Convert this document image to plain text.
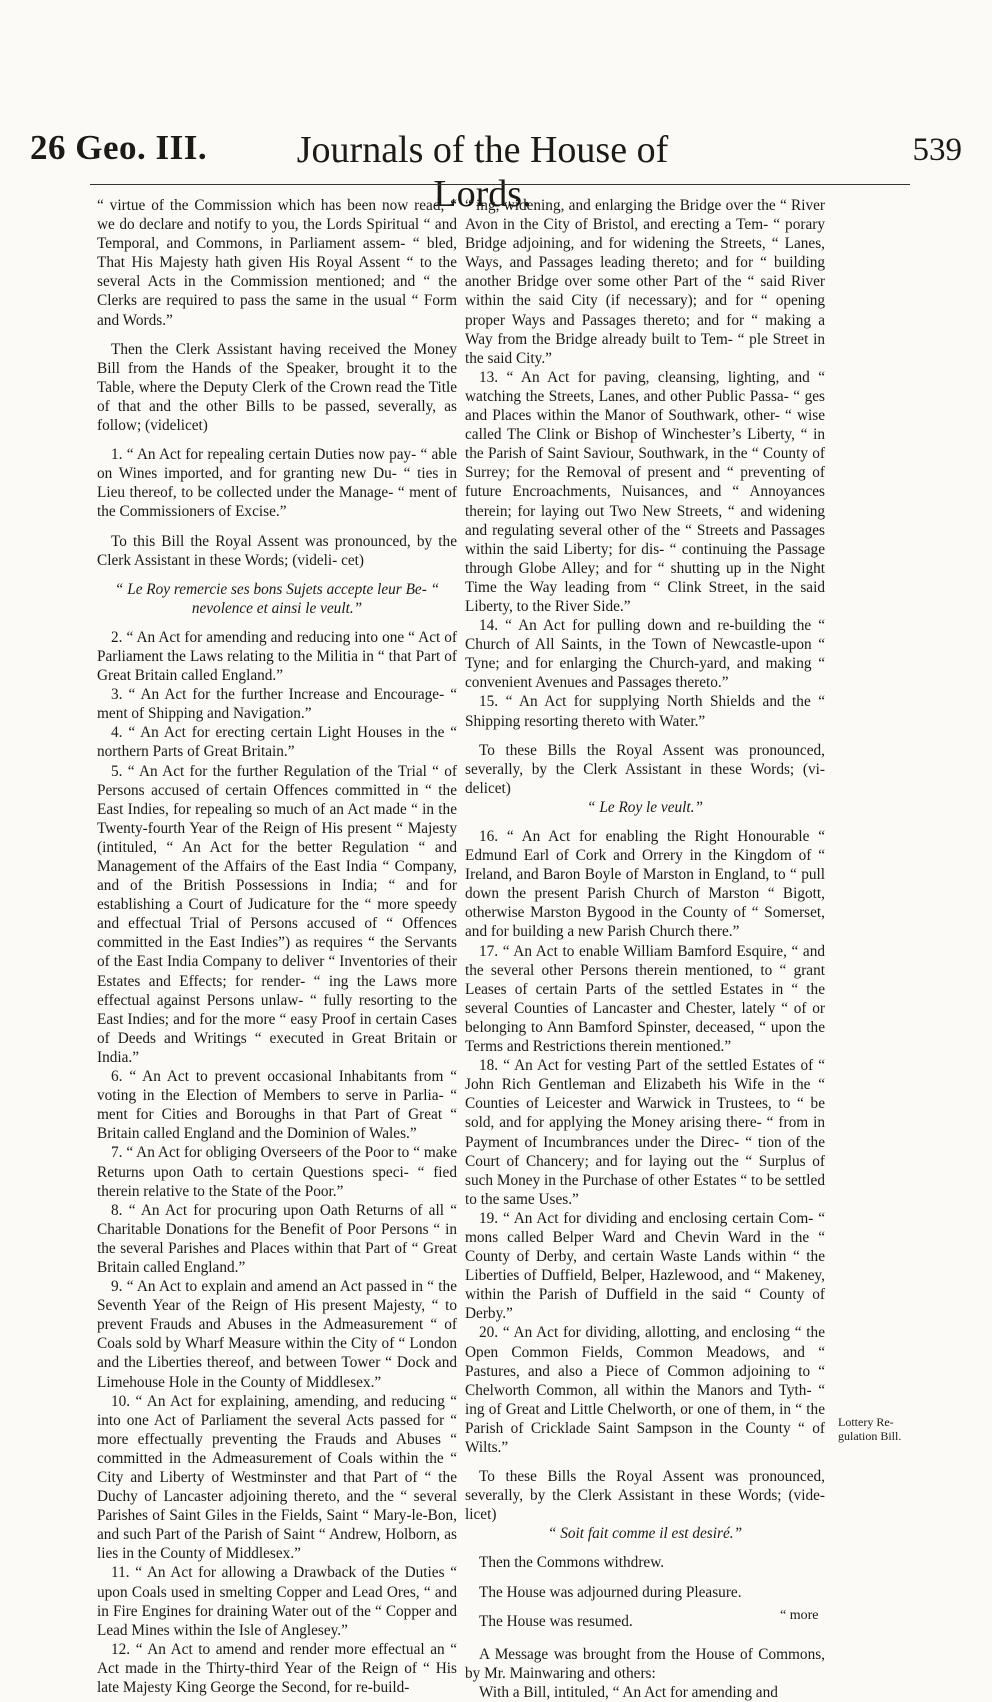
26 Geo. III.	Journals of the House of Lords.
539

“ virtue of the Commission which has been now read, “ we do declare and notify to you, the Lords Spiritual “ and Temporal, and Commons, in Parliament assem- “ bled, That His Majesty hath given His Royal Assent “ to the several Acts in the Commission mentioned; and “ the Clerks are required to pass the same in the usual “ Form and Words.”

Then the Clerk Assistant having received the Money Bill from the Hands of the Speaker, brought it to the Table, where the Deputy Clerk of the Crown read the Title of that and the other Bills to be passed, severally, as follow; (videlicet)

1. “ An Act for repealing certain Duties now pay- “ able on Wines imported, and for granting new Du- “ ties in Lieu thereof, to be collected under the Manage- “ ment of the Commissioners of Excise.”

To this Bill the Royal Assent was pronounced, by the Clerk Assistant in these Words; (videli- cet)

“ Le Roy remercie ses bons Sujets accepte leur Be- “ nevolence et ainsi le veult.”

2. “ An Act for amending and reducing into one “ Act of Parliament the Laws relating to the Militia in “ that Part of Great Britain called England.”

3. “ An Act for the further Increase and Encourage- “ ment of Shipping and Navigation.”

4. “ An Act for erecting certain Light Houses in the “ northern Parts of Great Britain.”

5. “ An Act for the further Regulation of the Trial “ of Persons accused of certain Offences committed in “ the East Indies, for repealing so much of an Act made “ in the Twenty-fourth Year of the Reign of His present “ Majesty (intituled, “ An Act for the better Regulation “ and Management of the Affairs of the East India “ Company, and of the British Possessions in India; “ and for establishing a Court of Judicature for the “ more speedy and effectual Trial of Persons accused of “ Offences committed in the East Indies”) as requires “ the Servants of the East India Company to deliver “ Inventories of their Estates and Effects; for render- “ ing the Laws more effectual against Persons unlaw- “ fully resorting to the East Indies; and for the more “ easy Proof in certain Cases of Deeds and Writings “ executed in Great Britain or India.”

6. “ An Act to prevent occasional Inhabitants from “ voting in the Election of Members to serve in Parlia- “ ment for Cities and Boroughs in that Part of Great “ Britain called England and the Dominion of Wales.”

7. “ An Act for obliging Overseers of the Poor to “ make Returns upon Oath to certain Questions speci- “ fied therein relative to the State of the Poor.”

8. “ An Act for procuring upon Oath Returns of all “ Charitable Donations for the Benefit of Poor Persons “ in the several Parishes and Places within that Part of “ Great Britain called England.”

9. “ An Act to explain and amend an Act passed in “ the Seventh Year of the Reign of His present Majesty, “ to prevent Frauds and Abuses in the Admeasurement “ of Coals sold by Wharf Measure within the City of “ London and the Liberties thereof, and between Tower “ Dock and Limehouse Hole in the County of Middlesex.”

10. “ An Act for explaining, amending, and reducing “ into one Act of Parliament the several Acts passed for “ more effectually preventing the Frauds and Abuses “ committed in the Admeasurement of Coals within the “ City and Liberty of Westminster and that Part of “ the Duchy of Lancaster adjoining thereto, and the “ several Parishes of Saint Giles in the Fields, Saint “ Mary-le-Bon, and such Part of the Parish of Saint “ Andrew, Holborn, as lies in the County of Middlesex.”

11. “ An Act for allowing a Drawback of the Duties “ upon Coals used in smelting Copper and Lead Ores, “ and in Fire Engines for draining Water out of the “ Copper and Lead Mines within the Isle of Anglesey.”

12. “ An Act to amend and render more effectual an “ Act made in the Thirty-third Year of the Reign of “ His late Majesty King George the Second, for re-build-

“ ing, widening, and enlarging the Bridge over the “ River Avon in the City of Bristol, and erecting a Tem- “ porary Bridge adjoining, and for widening the Streets, “ Lanes, Ways, and Passages leading thereto; and for “ building another Bridge over some other Part of the “ said River within the said City (if necessary); and for “ opening proper Ways and Passages thereto; and for “ making a Way from the Bridge already built to Tem- “ ple Street in the said City.”

13. “ An Act for paving, cleansing, lighting, and “ watching the Streets, Lanes, and other Public Passa- “ ges and Places within the Manor of Southwark, other- “ wise called The Clink or Bishop of Winchester’s Liberty, “ in the Parish of Saint Saviour, Southwark, in the “ County of Surrey; for the Removal of present and “ preventing of future Encroachments, Nuisances, and “ Annoyances therein; for laying out Two New Streets, “ and widening and regulating several other of the “ Streets and Passages within the said Liberty; for dis- “ continuing the Passage through Globe Alley; and for “ shutting up in the Night Time the Way leading from “ Clink Street, in the said Liberty, to the River Side.”

14. “ An Act for pulling down and re-building the “ Church of All Saints, in the Town of Newcastle-upon “ Tyne; and for enlarging the Church-yard, and making “ convenient Avenues and Passages thereto.”

15. “ An Act for supplying North Shields and the “ Shipping resorting thereto with Water.”

To these Bills the Royal Assent was pronounced, severally, by the Clerk Assistant in these Words; (vi- delicet)

“ Le Roy le veult.”

16. “ An Act for enabling the Right Honourable “ Edmund Earl of Cork and Orrery in the Kingdom of “ Ireland, and Baron Boyle of Marston in England, to “ pull down the present Parish Church of Marston “ Bigott, otherwise Marston Bygood in the County of “ Somerset, and for building a new Parish Church there.”

17. “ An Act to enable William Bamford Esquire, “ and the several other Persons therein mentioned, to “ grant Leases of certain Parts of the settled Estates in “ the several Counties of Lancaster and Chester, lately “ of or belonging to Ann Bamford Spinster, deceased, “ upon the Terms and Restrictions therein mentioned.”

18. “ An Act for vesting Part of the settled Estates of “ John Rich Gentleman and Elizabeth his Wife in the “ Counties of Leicester and Warwick in Trustees, to “ be sold, and for applying the Money arising there- “ from in Payment of Incumbrances under the Direc- “ tion of the Court of Chancery; and for laying out the “ Surplus of such Money in the Purchase of other Estates “ to be settled to the same Uses.”

19. “ An Act for dividing and enclosing certain Com- “ mons called Belper Ward and Chevin Ward in the “ County of Derby, and certain Waste Lands within “ the Liberties of Duffield, Belper, Hazlewood, and “ Makeney, within the Parish of Duffield in the said “ County of Derby.”

20. “ An Act for dividing, allotting, and enclosing “ the Open Common Fields, Common Meadows, and “ Pastures, and also a Piece of Common adjoining to “ Chelworth Common, all within the Manors and Tyth- “ ing of Great and Little Chelworth, or one of them, in “ the Parish of Cricklade Saint Sampson in the County “ of Wilts.”

To these Bills the Royal Assent was pronounced, severally, by the Clerk Assistant in these Words; (vide- licet)

“ Soit fait comme il est desiré.”

Then the Commons withdrew.

The House was adjourned during Pleasure.

The House was resumed.

A Message was brought from the House of Commons, by Mr. Mainwaring and others:

With a Bill, intituled, “ An Act for amending and

Lottery Re- gulation Bill.
“ more
